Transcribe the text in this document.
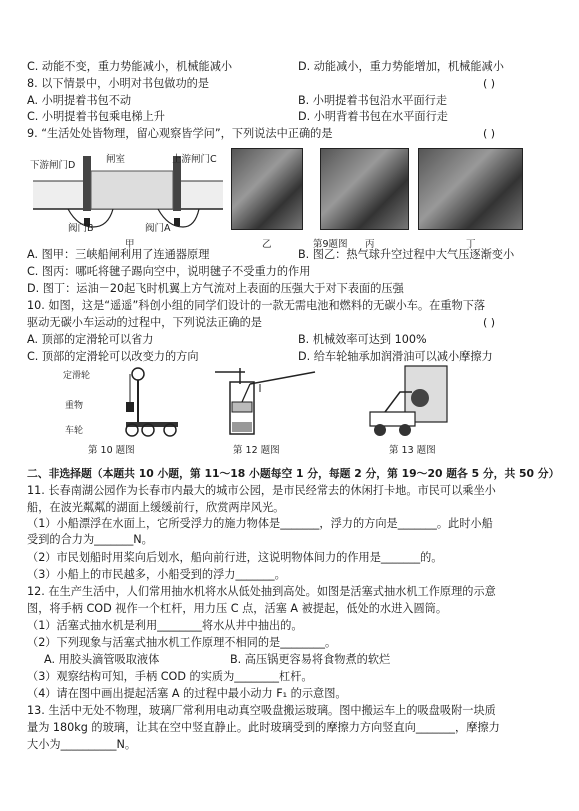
C. 动能不变，重力势能减小，机械能减小	D. 动能减小，重力势能增加，机械能减小
8. 以下情景中，小明对书包做功的是	( )
A. 小明提着书包不动	B. 小明提着书包沿水平面行走
C. 小明提着书包乘电梯上升	D. 小明背着书包在水平面行走
9. “生活处处皆物理，留心观察皆学问”，下列说法中正确的是	( )
下游闸门D
闸室	上游闸门C
阀门B	阀门A
甲	乙	第9题图 丙	丁
A. 图甲：三峡船闸利用了连通器原理	B. 图乙：热气球升空过程中大气压逐渐变小
C. 图丙：哪吒将毽子踢向空中，说明毽子不受重力的作用
D. 图丁：运油－20起飞时机翼上方气流对上表面的压强大于对下表面的压强
10. 如图，这是“遥遥”科创小组的同学们设计的一款无需电池和燃料的无碳小车。在重物下落
驱动无碳小车运动的过程中，下列说法正确的是	( )
A. 顶部的定滑轮可以省力	B. 机械效率可达到 100%
C. 顶部的定滑轮可以改变力的方向	D. 给车轮轴承加润滑油可以减小摩擦力
定滑轮
重物
车轮
第 10 题图	第 12 题图	第 13 题图
二、非选择题（本题共 10 小题，第 11～18 小题每空 1 分，每题 2 分，第 19～20 题各 5 分，共 50 分）
11. 长春南湖公园作为长春市内最大的城市公园，是市民经常去的休闲打卡地。市民可以乘坐小
船，在波光粼粼的湖面上缓缓前行，欣赏两岸风光。
（1）小船漂浮在水面上，它所受浮力的施力物体是_______，浮力的方向是_______。此时小船
受到的合力为_______N。
（2）市民划船时用桨向后划水，船向前行进，这说明物体间力的作用是_______的。
（3）小船上的市民越多，小船受到的浮力_______。
12. 在生产生活中，人们常用抽水机将水从低处抽到高处。如图是活塞式抽水机工作原理的示意
图，将手柄 COD 视作一个杠杆，用力压 C 点，活塞 A 被提起，低处的水进入圆筒。
（1）活塞式抽水机是利用________将水从井中抽出的。
（2）下列现象与活塞式抽水机工作原理不相同的是________。
A. 用胶头滴管吸取液体	B. 高压锅更容易将食物煮的软烂
（3）观察结构可知，手柄 COD 的实质为________杠杆。
（4）请在图中画出提起活塞 A 的过程中最小动力 F₁ 的示意图。
13. 生活中无处不物理，玻璃厂常利用电动真空吸盘搬运玻璃。图中搬运车上的吸盘吸附一块质
量为 180kg 的玻璃，让其在空中竖直静止。此时玻璃受到的摩擦力方向竖直向_______，摩擦力
大小为__________N。
